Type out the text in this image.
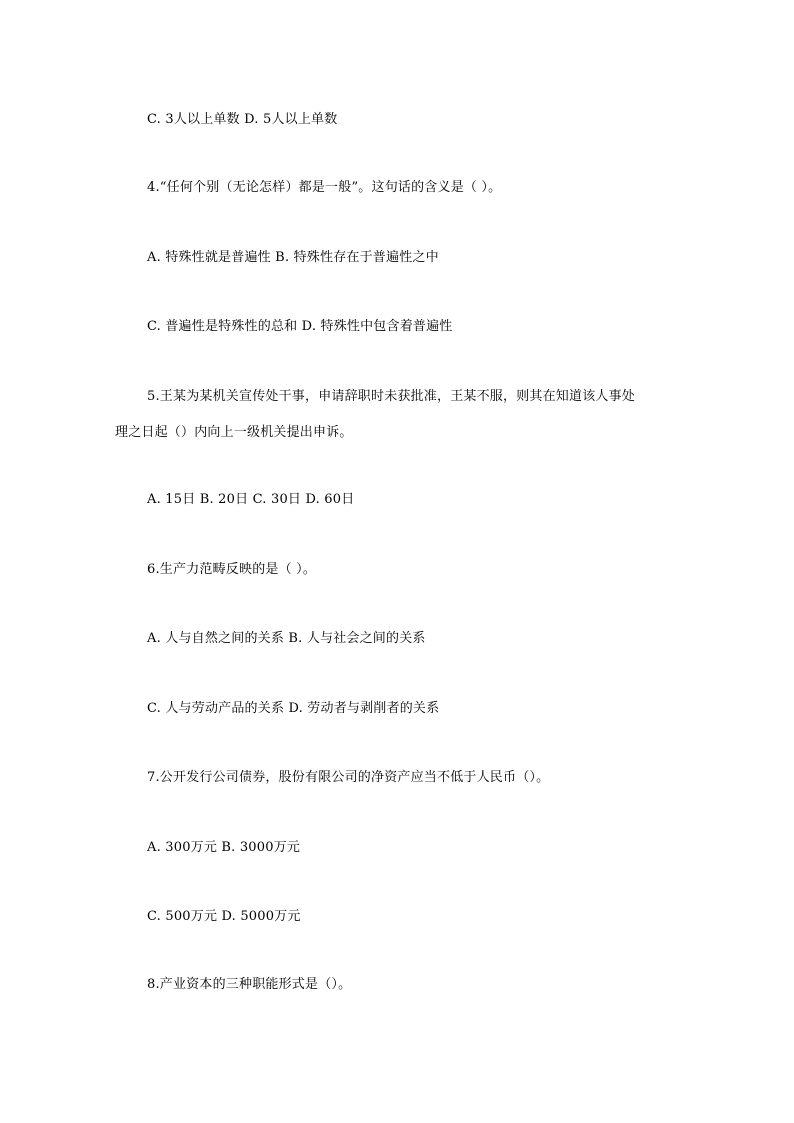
C. 3人以上单数 D. 5人以上单数
4.“任何个别（无论怎样）都是一般”。这句话的含义是（ ）。
A. 特殊性就是普遍性 B. 特殊性存在于普遍性之中
C. 普遍性是特殊性的总和 D. 特殊性中包含着普遍性
5.王某为某机关宣传处干事，申请辞职时未获批准，王某不服，则其在知道该人事处
理之日起（）内向上一级机关提出申诉。
A. 15日 B. 20日 C. 30日 D. 60日
6.生产力范畴反映的是（ ）。
A. 人与自然之间的关系 B. 人与社会之间的关系
C. 人与劳动产品的关系 D. 劳动者与剥削者的关系
7.公开发行公司债券，股份有限公司的净资产应当不低于人民币（）。
A. 300万元 B. 3000万元
C. 500万元 D. 5000万元
8.产业资本的三种职能形式是（）。
